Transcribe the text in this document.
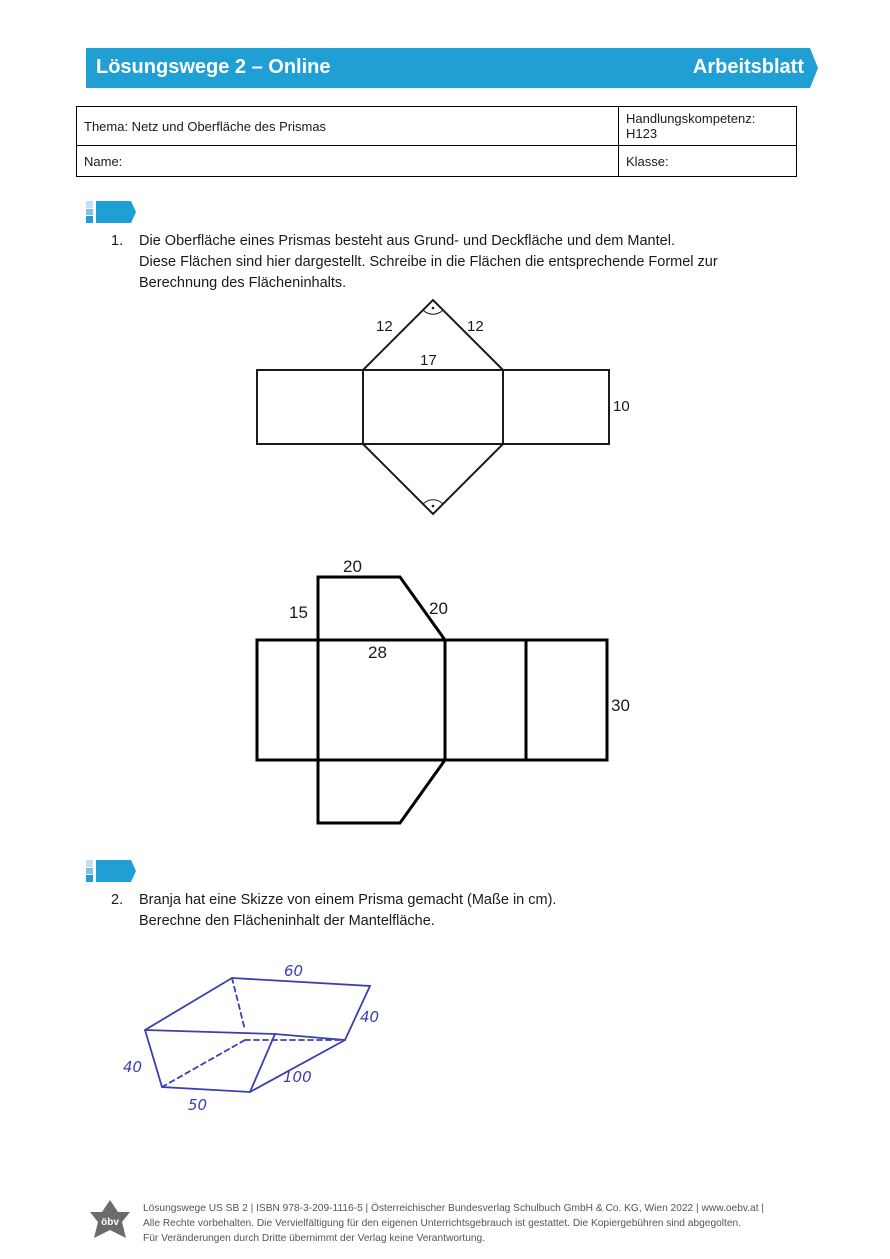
Lösungswege 2 – Online	Arbeitsblatt
Thema: Netz und Oberfläche des Prismas	Handlungskompetenz:
H123

Name:	Klasse:
1. Die Oberfläche eines Prismas besteht aus Grund- und Deckfläche und dem Mantel.
Diese Flächen sind hier dargestellt. Schreibe in die Flächen die entsprechende Formel zur
Berechnung des Flächeninhalts.
12	12
17
10
20
20
15
28
30
60
40
40
50
100
2. Branja hat eine Skizze von einem Prisma gemacht (Maße in cm).
Berechne den Flächeninhalt der Mantelfläche.
öbv
Lösungswege US SB 2 | ISBN 978-3-209-1116-5 | Österreichischer Bundesverlag Schulbuch GmbH & Co. KG, Wien 2022 | www.oebv.at |
Alle Rechte vorbehalten. Die Vervielfältigung für den eigenen Unterrichtsgebrauch ist gestattet. Die Kopiergebühren sind abgegolten.
Für Veränderungen durch Dritte übernimmt der Verlag keine Verantwortung.
